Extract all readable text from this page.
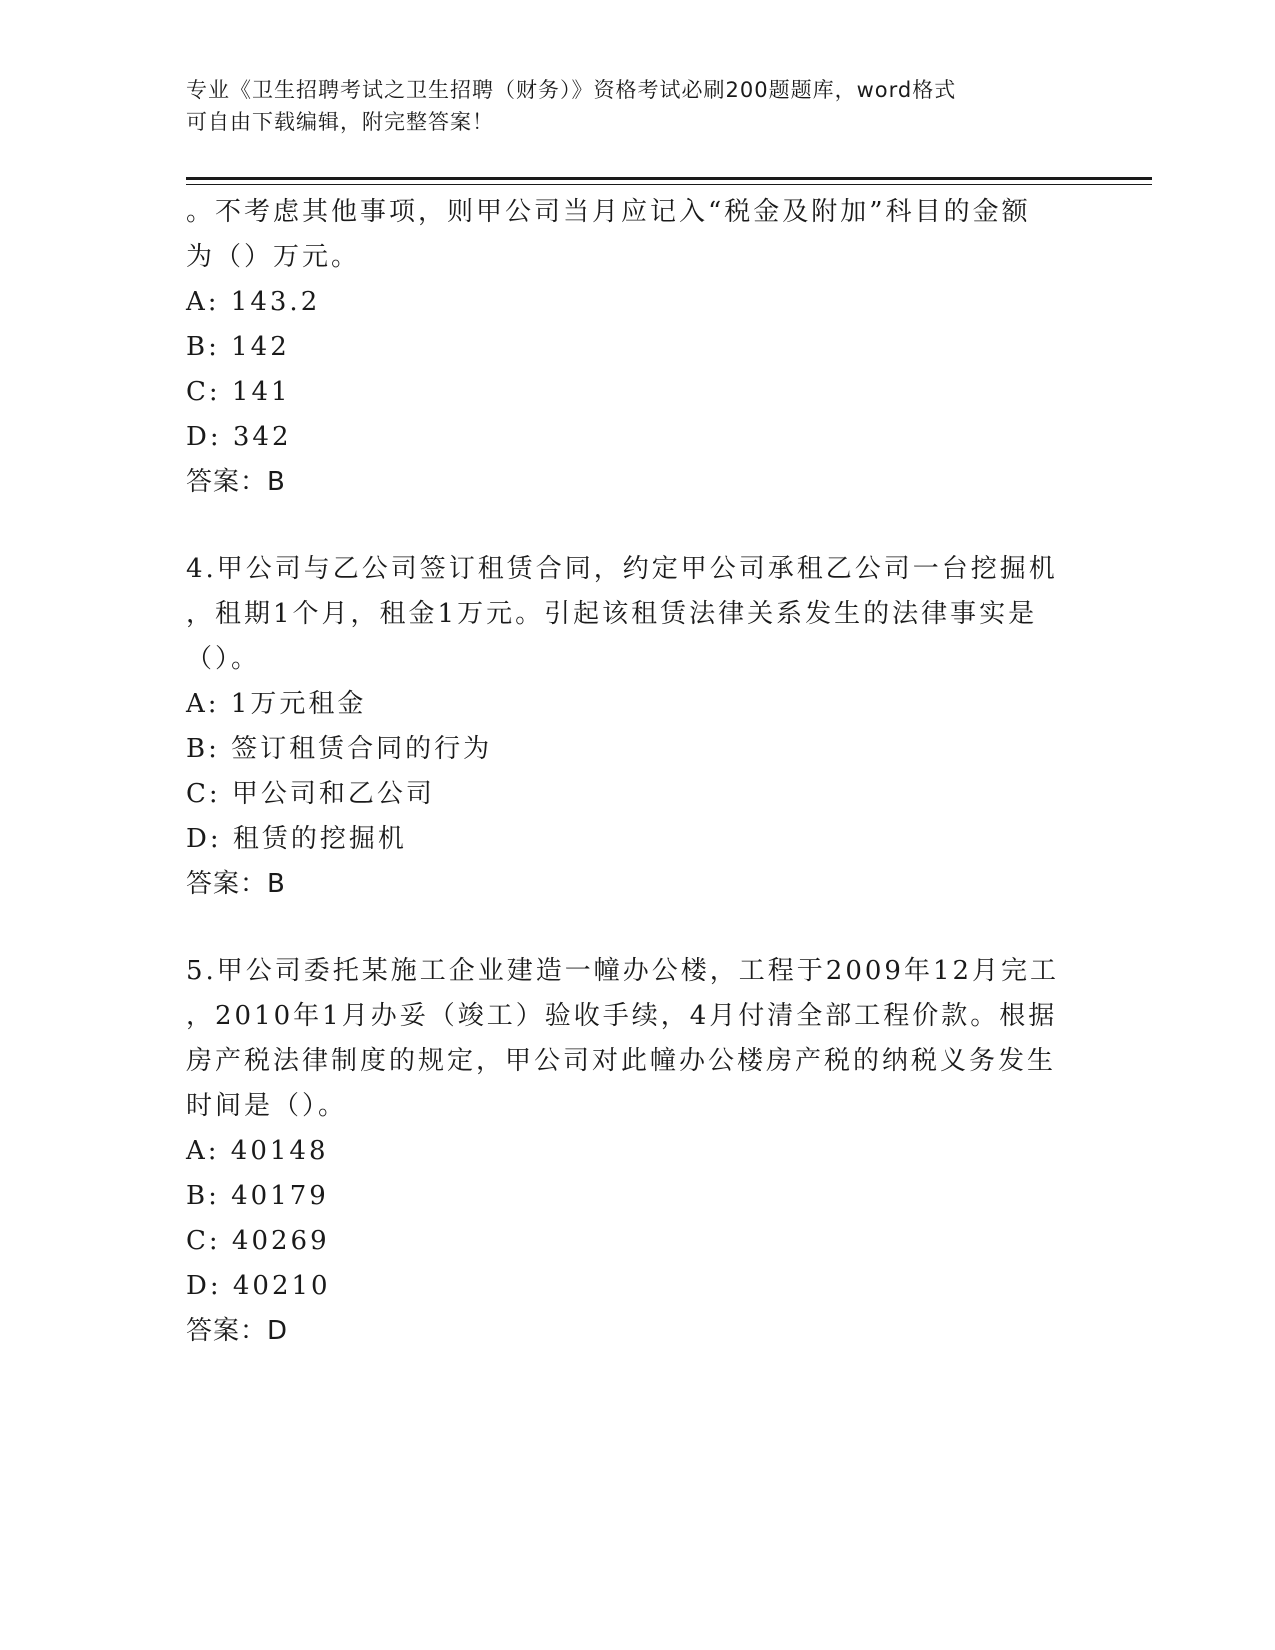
专业《卫生招聘考试之卫生招聘（财务）》资格考试必刷200题题库，word格式
可自由下载编辑，附完整答案！

。不考虑其他事项，则甲公司当月应记入“税金及附加”科目的金额

为（）万元。

A: 143.2

B: 142

C: 141

D: 342

答案：B

4.甲公司与乙公司签订租赁合同，约定甲公司承租乙公司一台挖掘机

，租期1个月，租金1万元。引起该租赁法律关系发生的法律事实是

（）。

A: 1万元租金

B: 签订租赁合同的行为

C: 甲公司和乙公司

D: 租赁的挖掘机

答案：B

5.甲公司委托某施工企业建造一幢办公楼，工程于2009年12月完工

，2010年1月办妥（竣工）验收手续，4月付清全部工程价款。根据

房产税法律制度的规定，甲公司对此幢办公楼房产税的纳税义务发生

时间是（）。

A: 40148

B: 40179

C: 40269

D: 40210

答案：D
